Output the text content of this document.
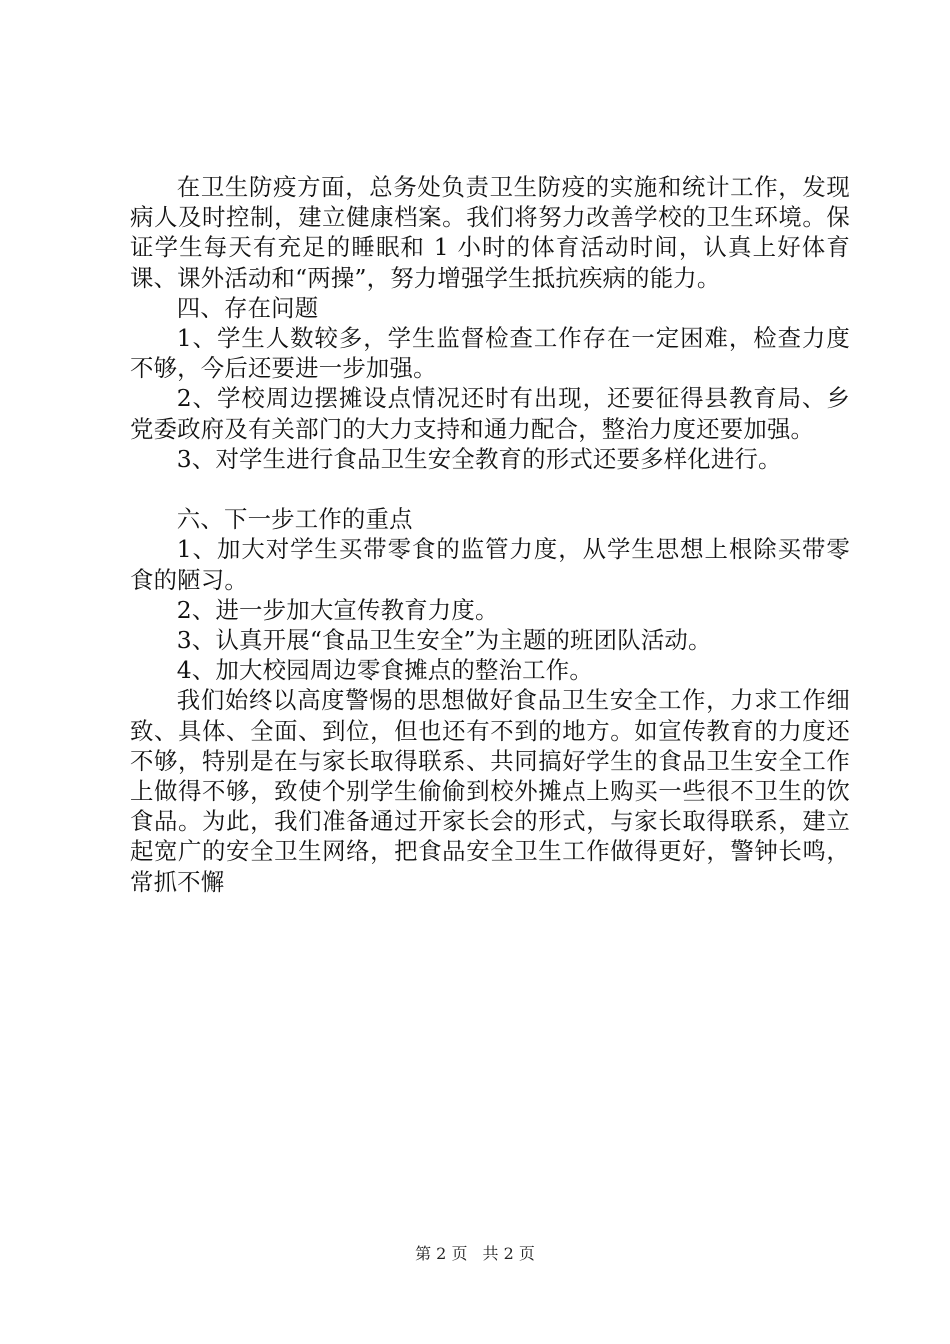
在卫生防疫方面，总务处负责卫生防疫的实施和统计工作，发现病人及时控制，建立健康档案。我们将努力改善学校的卫生环境。保证学生每天有充足的睡眠和 1 小时的体育活动时间，认真上好体育课、课外活动和“两操”，努力增强学生抵抗疾病的能力。

四、存在问题

1、学生人数较多，学生监督检查工作存在一定困难，检查力度不够，今后还要进一步加强。

2、学校周边摆摊设点情况还时有出现，还要征得县教育局、乡党委政府及有关部门的大力支持和通力配合，整治力度还要加强。

3、对学生进行食品卫生安全教育的形式还要多样化进行。

六、下一步工作的重点

1、加大对学生买带零食的监管力度，从学生思想上根除买带零食的陋习。

2、进一步加大宣传教育力度。

3、认真开展“食品卫生安全”为主题的班团队活动。

4、加大校园周边零食摊点的整治工作。

我们始终以高度警惕的思想做好食品卫生安全工作，力求工作细致、具体、全面、到位，但也还有不到的地方。如宣传教育的力度还不够，特别是在与家长取得联系、共同搞好学生的食品卫生安全工作上做得不够，致使个别学生偷偷到校外摊点上购买一些很不卫生的饮食品。为此，我们准备通过开家长会的形式，与家长取得联系，建立起宽广的安全卫生网络，把食品安全卫生工作做得更好，警钟长鸣，常抓不懈

第 2 页 共 2 页
